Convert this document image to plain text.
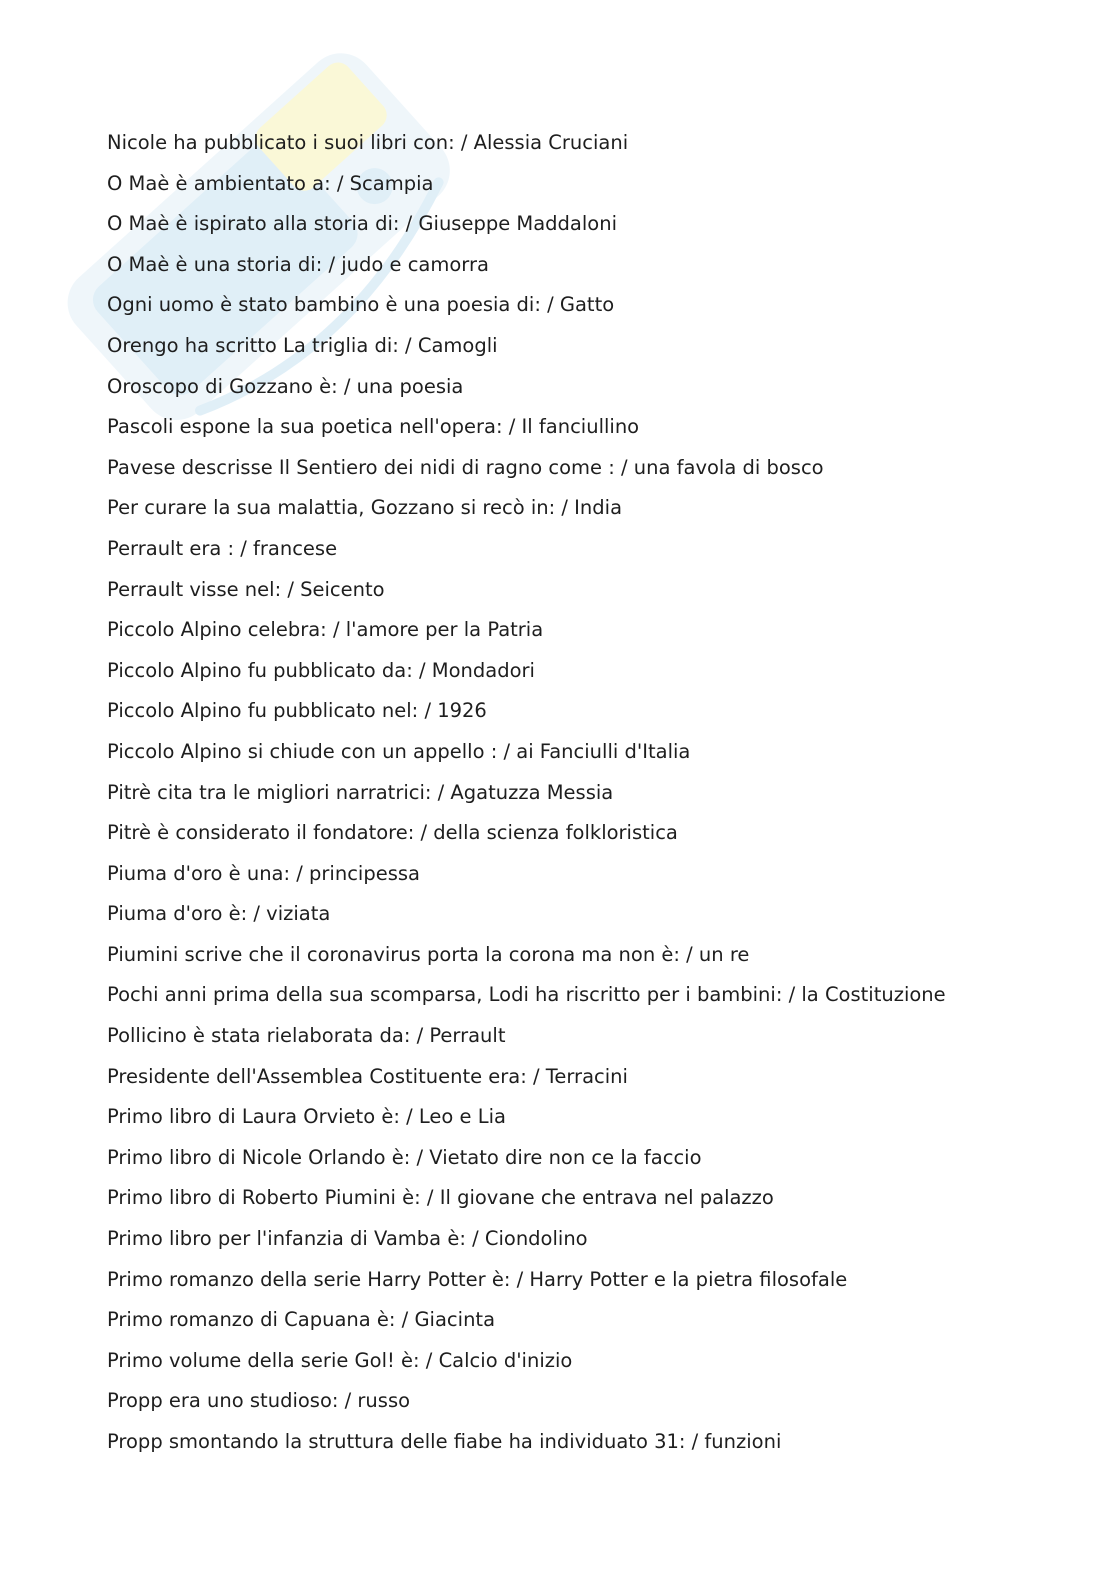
Nicole ha pubblicato i suoi libri con: / Alessia Cruciani
O Maè è ambientato a: / Scampia
O Maè è ispirato alla storia di: / Giuseppe Maddaloni
O Maè è una storia di: / judo e camorra
Ogni uomo è stato bambino è una poesia di: / Gatto
Orengo ha scritto La triglia di: / Camogli
Oroscopo di Gozzano è: / una poesia
Pascoli espone la sua poetica nell'opera: / Il fanciullino
Pavese descrisse Il Sentiero dei nidi di ragno come : / una favola di bosco
Per curare la sua malattia, Gozzano si recò in: / India
Perrault era : / francese
Perrault visse nel: / Seicento
Piccolo Alpino celebra: / l'amore per la Patria
Piccolo Alpino fu pubblicato da: / Mondadori
Piccolo Alpino fu pubblicato nel: / 1926
Piccolo Alpino si chiude con un appello : / ai Fanciulli d'Italia
Pitrè cita tra le migliori narratrici: / Agatuzza Messia
Pitrè è considerato il fondatore: / della scienza folkloristica
Piuma d'oro è una: / principessa
Piuma d'oro è: / viziata
Piumini scrive che il coronavirus porta la corona ma non è: / un re
Pochi anni prima della sua scomparsa, Lodi ha riscritto per i bambini: / la Costituzione
Pollicino è stata rielaborata da: / Perrault
Presidente dell'Assemblea Costituente era: / Terracini
Primo libro di Laura Orvieto è: / Leo e Lia
Primo libro di Nicole Orlando è: / Vietato dire non ce la faccio
Primo libro di Roberto Piumini è: / Il giovane che entrava nel palazzo
Primo libro per l'infanzia di Vamba è: / Ciondolino
Primo romanzo della serie Harry Potter è: / Harry Potter e la pietra filosofale
Primo romanzo di Capuana è: / Giacinta
Primo volume della serie Gol! è: / Calcio d'inizio
Propp era uno studioso: / russo
Propp smontando la struttura delle fiabe ha individuato 31: / funzioni
